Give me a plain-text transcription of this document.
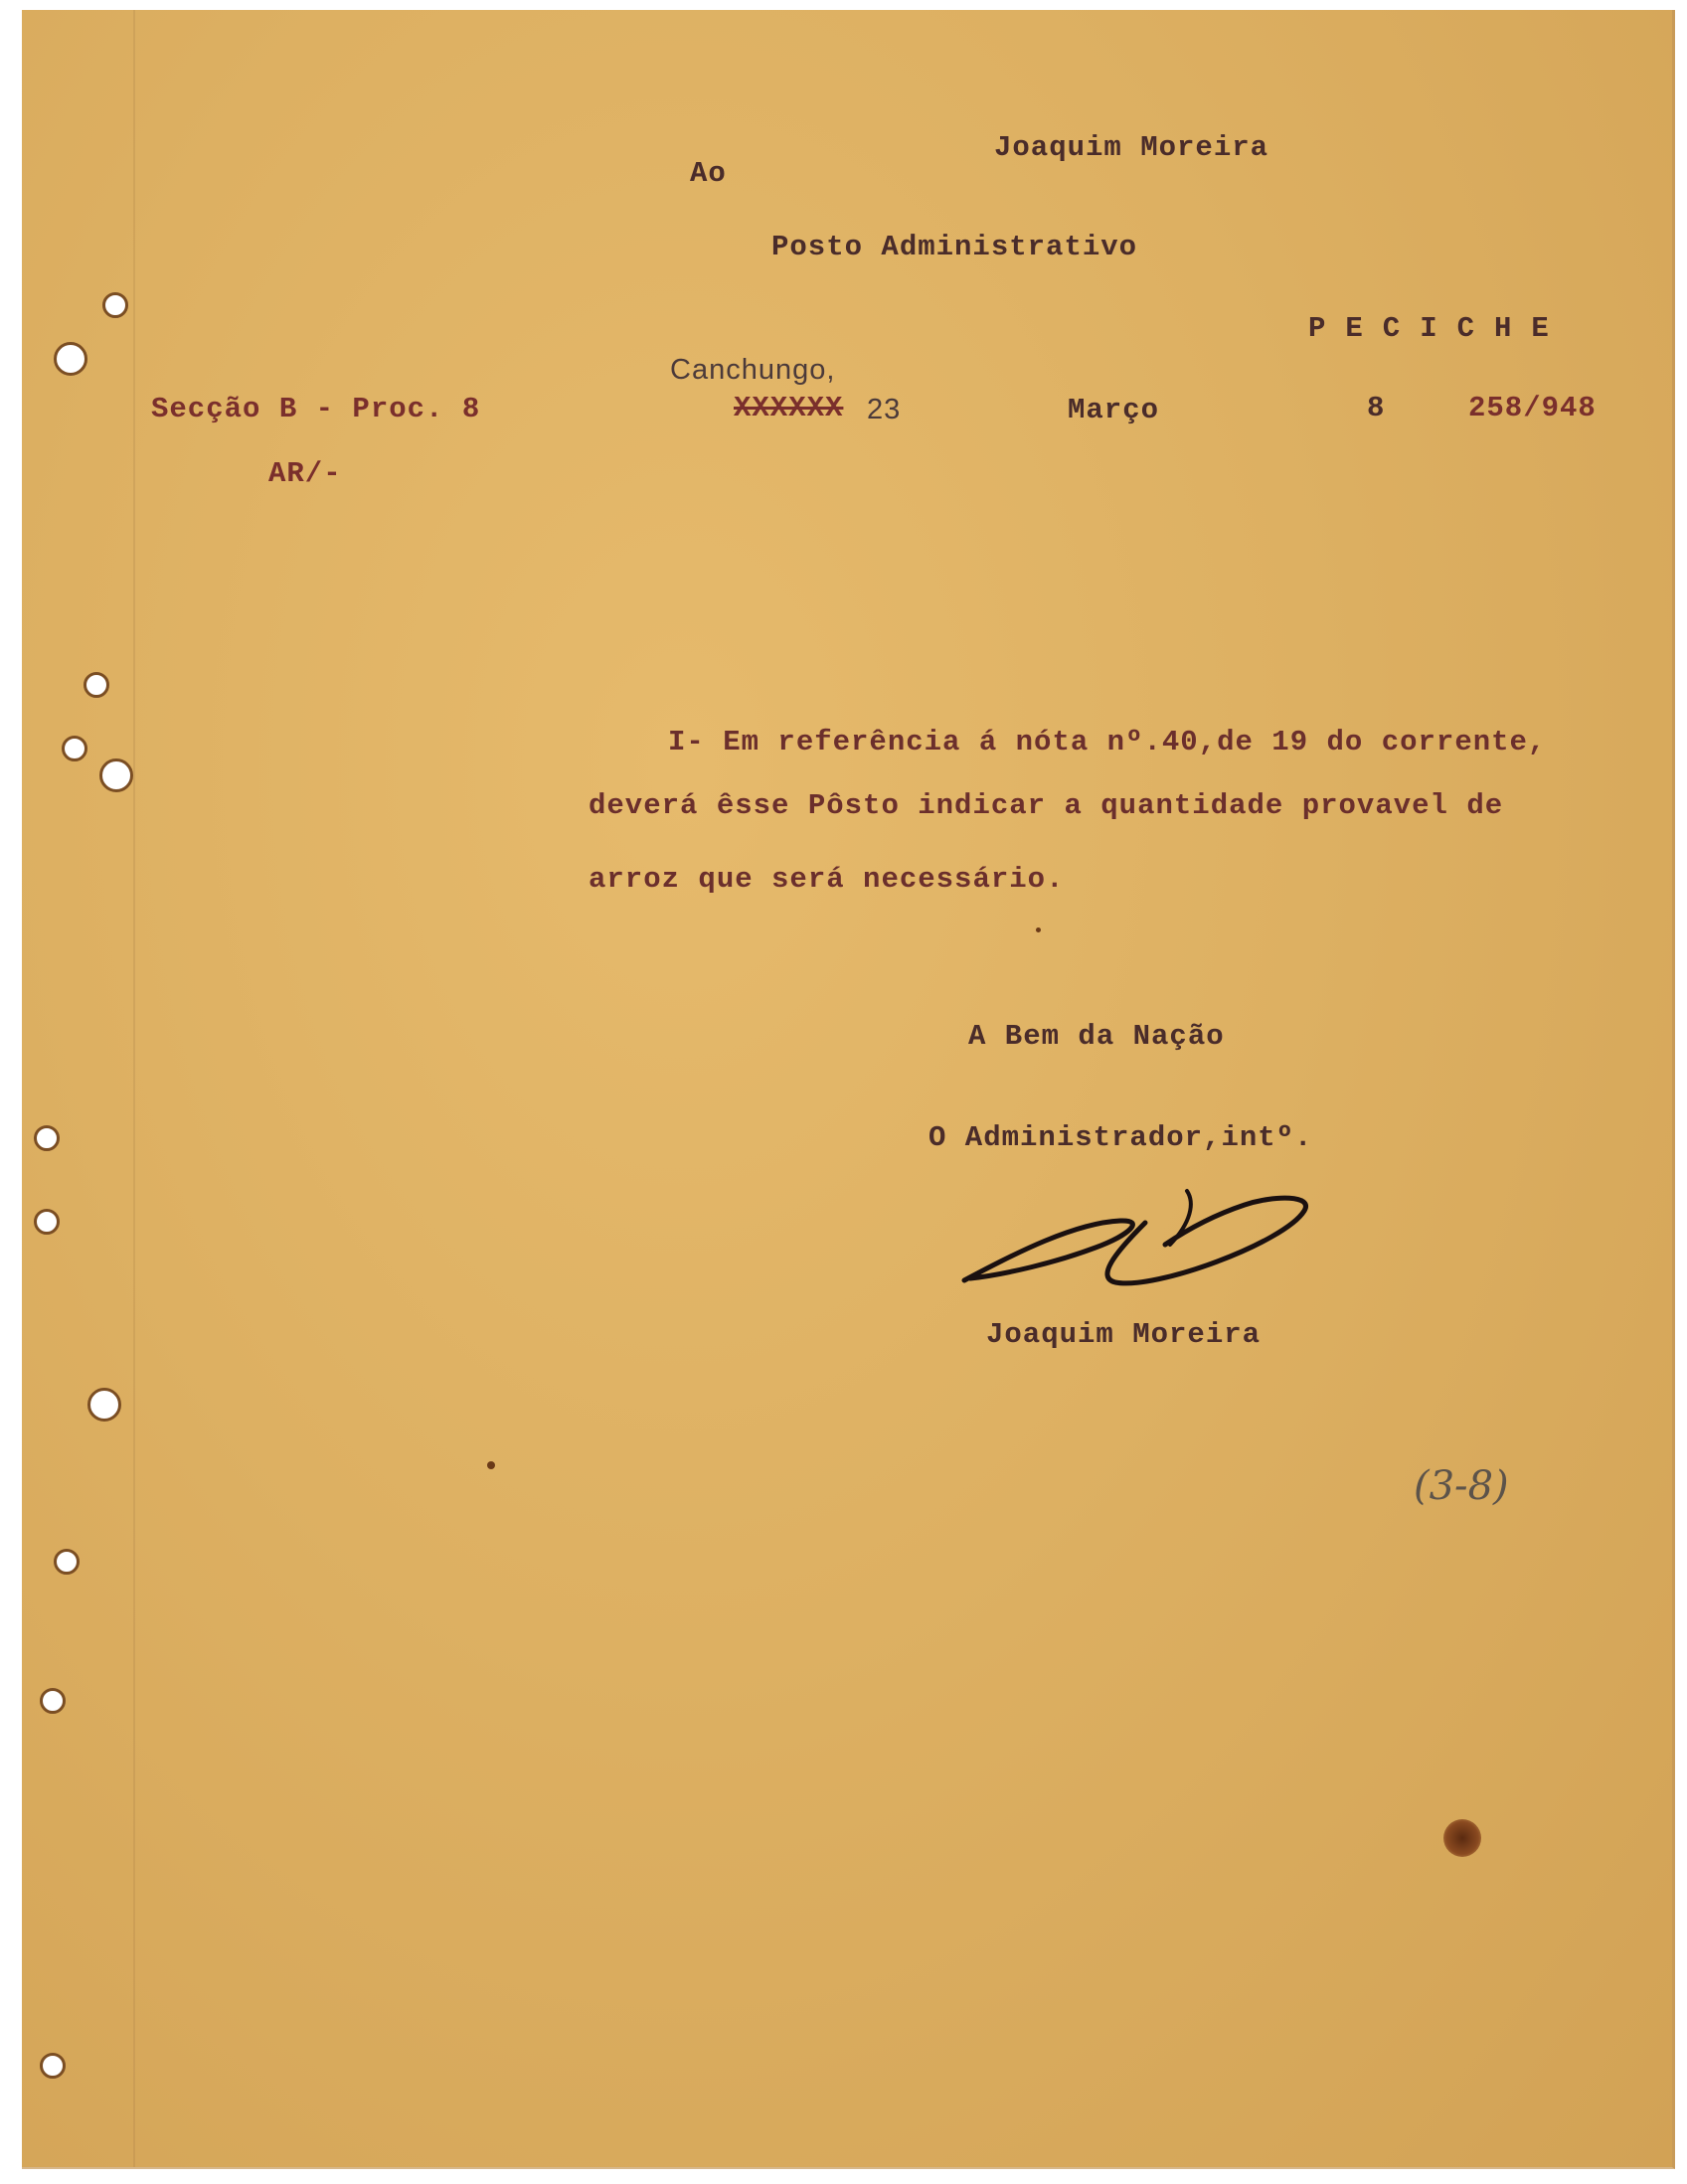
Joaquim Moreira

Ao

Posto Administrativo

PECICHE

Canchungo,

Secção B - Proc. 8	XXXXXX 23	Março	8	258/948

AR/-

I- Em referência á nóta nº.40,de 19 do corrente,

deverá êsse Pôsto indicar a quantidade provavel de

arroz que será necessário.

A Bem da Nação

O Administrador,intº.

Joaquim Moreira

(3-8)
